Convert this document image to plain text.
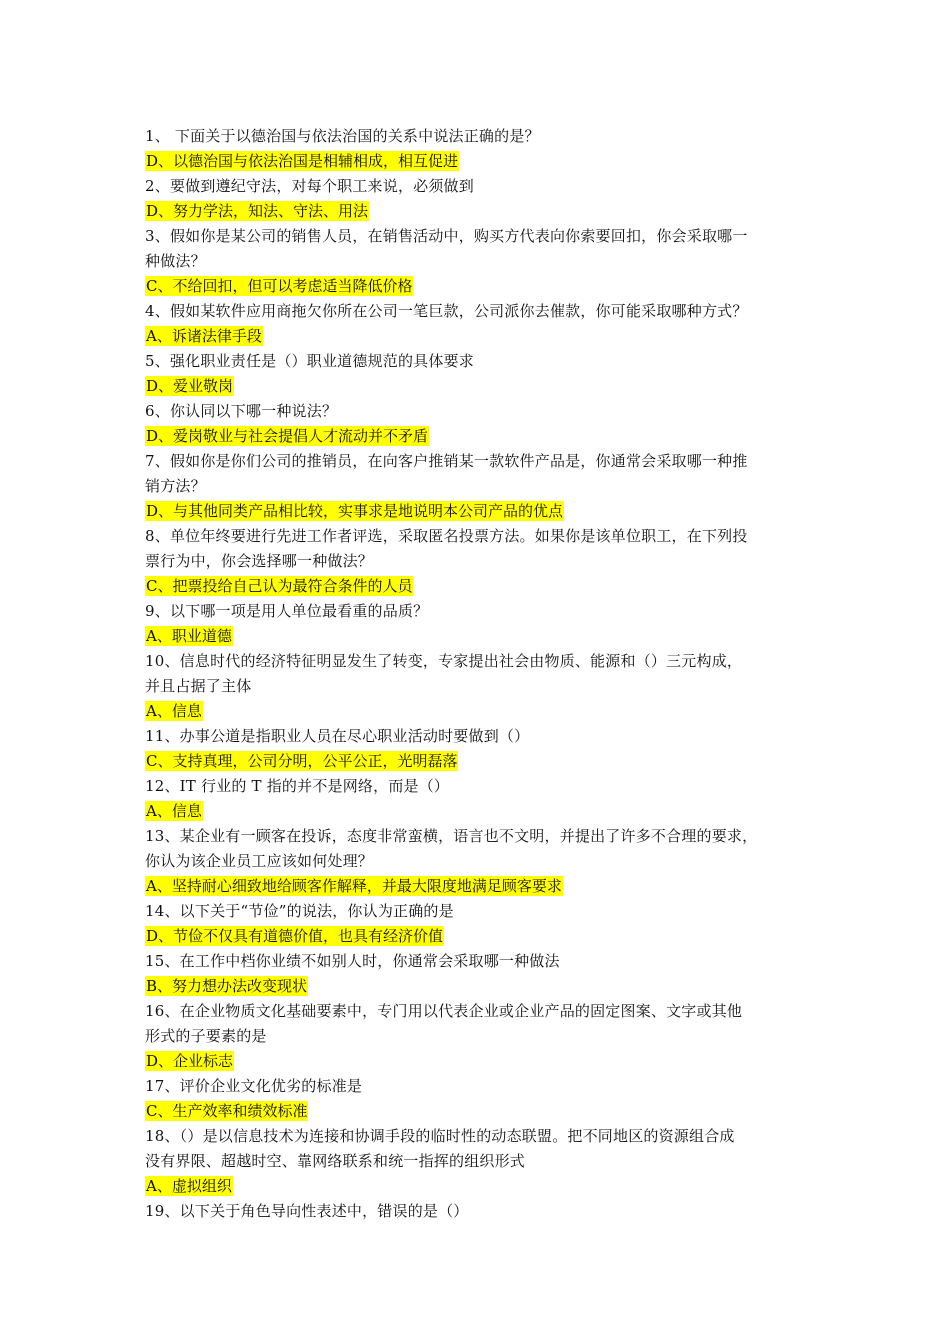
1、 下面关于以德治国与依法治国的关系中说法正确的是？
D、以德治国与依法治国是相辅相成，相互促进
2、要做到遵纪守法，对每个职工来说，必须做到
D、努力学法，知法、守法、用法
3、假如你是某公司的销售人员，在销售活动中，购买方代表向你索要回扣，你会采取哪一
种做法？
C、不给回扣，但可以考虑适当降低价格
4、假如某软件应用商拖欠你所在公司一笔巨款，公司派你去催款，你可能采取哪种方式？
A、诉诸法律手段
5、强化职业责任是（）职业道德规范的具体要求
D、爱业敬岗
6、你认同以下哪一种说法？
D、爱岗敬业与社会提倡人才流动并不矛盾
7、假如你是你们公司的推销员，在向客户推销某一款软件产品是，你通常会采取哪一种推
销方法？
D、与其他同类产品相比较，实事求是地说明本公司产品的优点
8、单位年终要进行先进工作者评选，采取匿名投票方法。如果你是该单位职工，在下列投
票行为中，你会选择哪一种做法？
C、把票投给自己认为最符合条件的人员
9、以下哪一项是用人单位最看重的品质？
A、职业道德
10、信息时代的经济特征明显发生了转变，专家提出社会由物质、能源和（）三元构成，
并且占据了主体
A、信息
11、办事公道是指职业人员在尽心职业活动时要做到（）
C、支持真理，公司分明，公平公正，光明磊落
12、IT 行业的 T 指的并不是网络，而是（）
A、信息
13、某企业有一顾客在投诉，态度非常蛮横，语言也不文明，并提出了许多不合理的要求，
你认为该企业员工应该如何处理？
A、坚持耐心细致地给顾客作解释，并最大限度地满足顾客要求
14、以下关于“节俭”的说法，你认为正确的是
D、节俭不仅具有道德价值，也具有经济价值
15、在工作中档你业绩不如别人时，你通常会采取哪一种做法
B、努力想办法改变现状
16、在企业物质文化基础要素中，专门用以代表企业或企业产品的固定图案、文字或其他
形式的子要素的是
D、企业标志
17、评价企业文化优劣的标准是
C、生产效率和绩效标准
18、（）是以信息技术为连接和协调手段的临时性的动态联盟。把不同地区的资源组合成
没有界限、超越时空、靠网络联系和统一指挥的组织形式
A、虚拟组织
19、以下关于角色导向性表述中，错误的是（）
